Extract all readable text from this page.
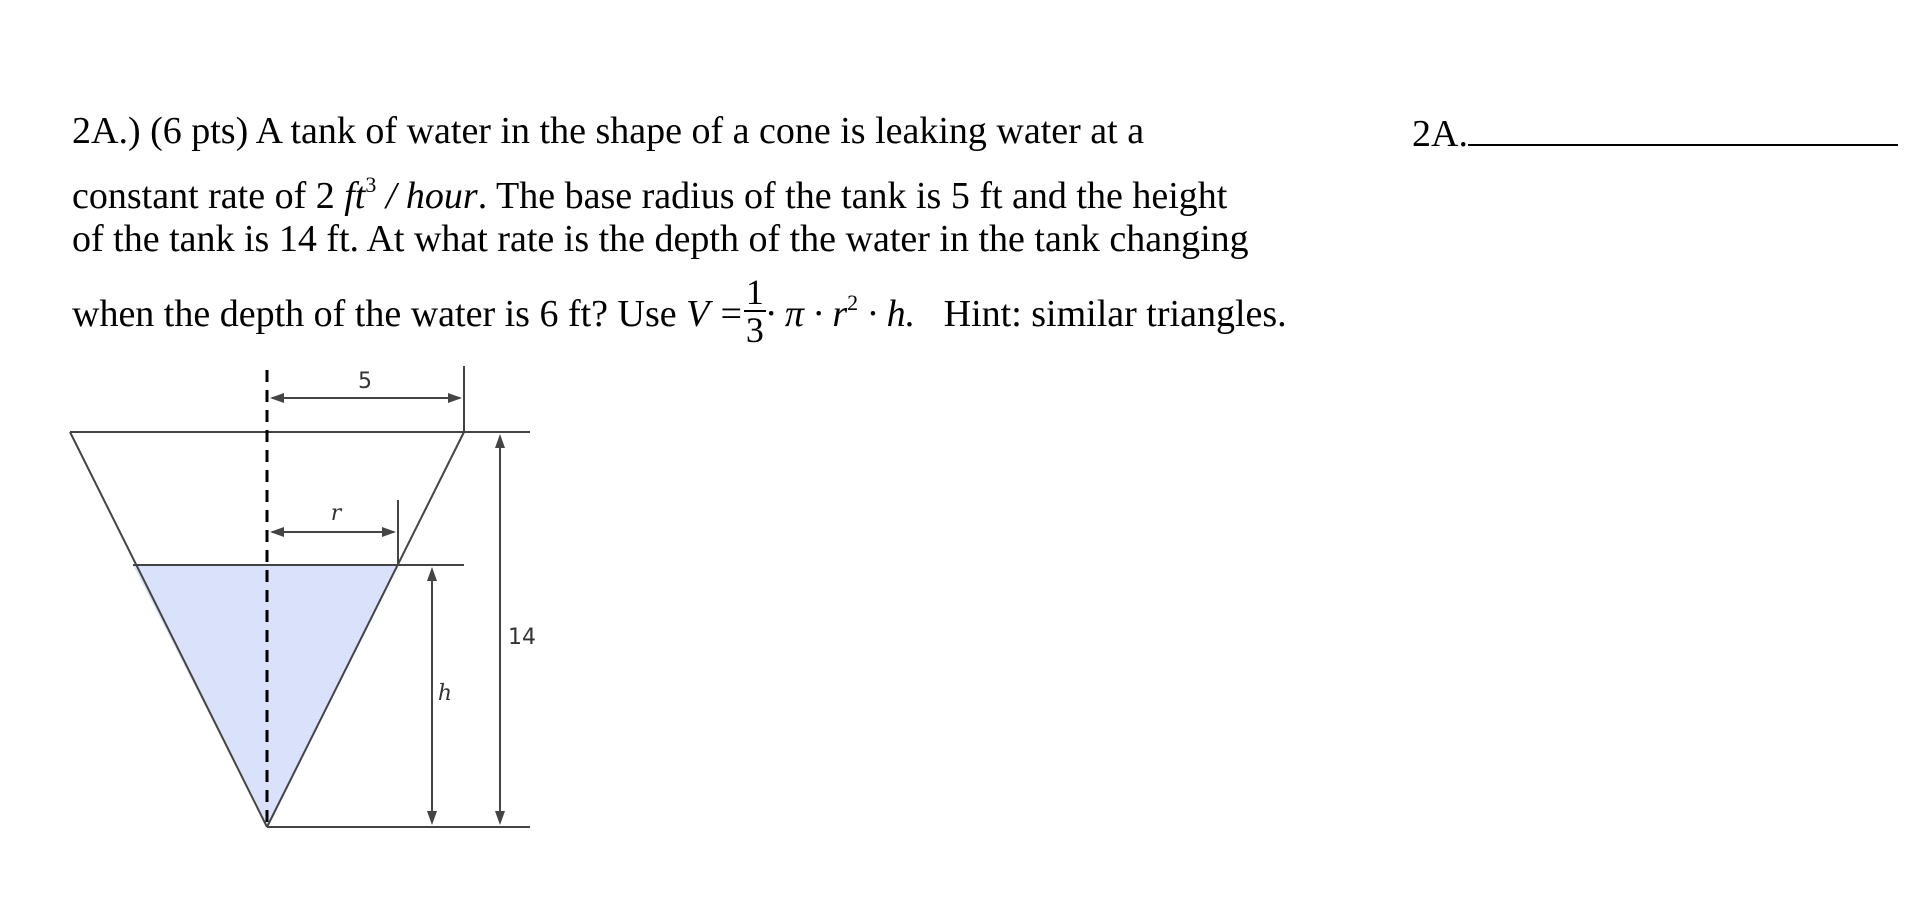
2A.) (6 pts) A tank of water in the shape of a cone is leaking water at a
constant rate of 2 $ft^3$ / hour. The base radius of the tank is 5 ft and the height
of the tank is 14 ft. At what rate is the depth of the water in the tank changing
when the depth of the water is 6 ft? Use $V = \frac{1}{3} \cdot \pi \cdot r^2 \cdot h$. Hint: similar triangles.
2A.
5
r
14
h
